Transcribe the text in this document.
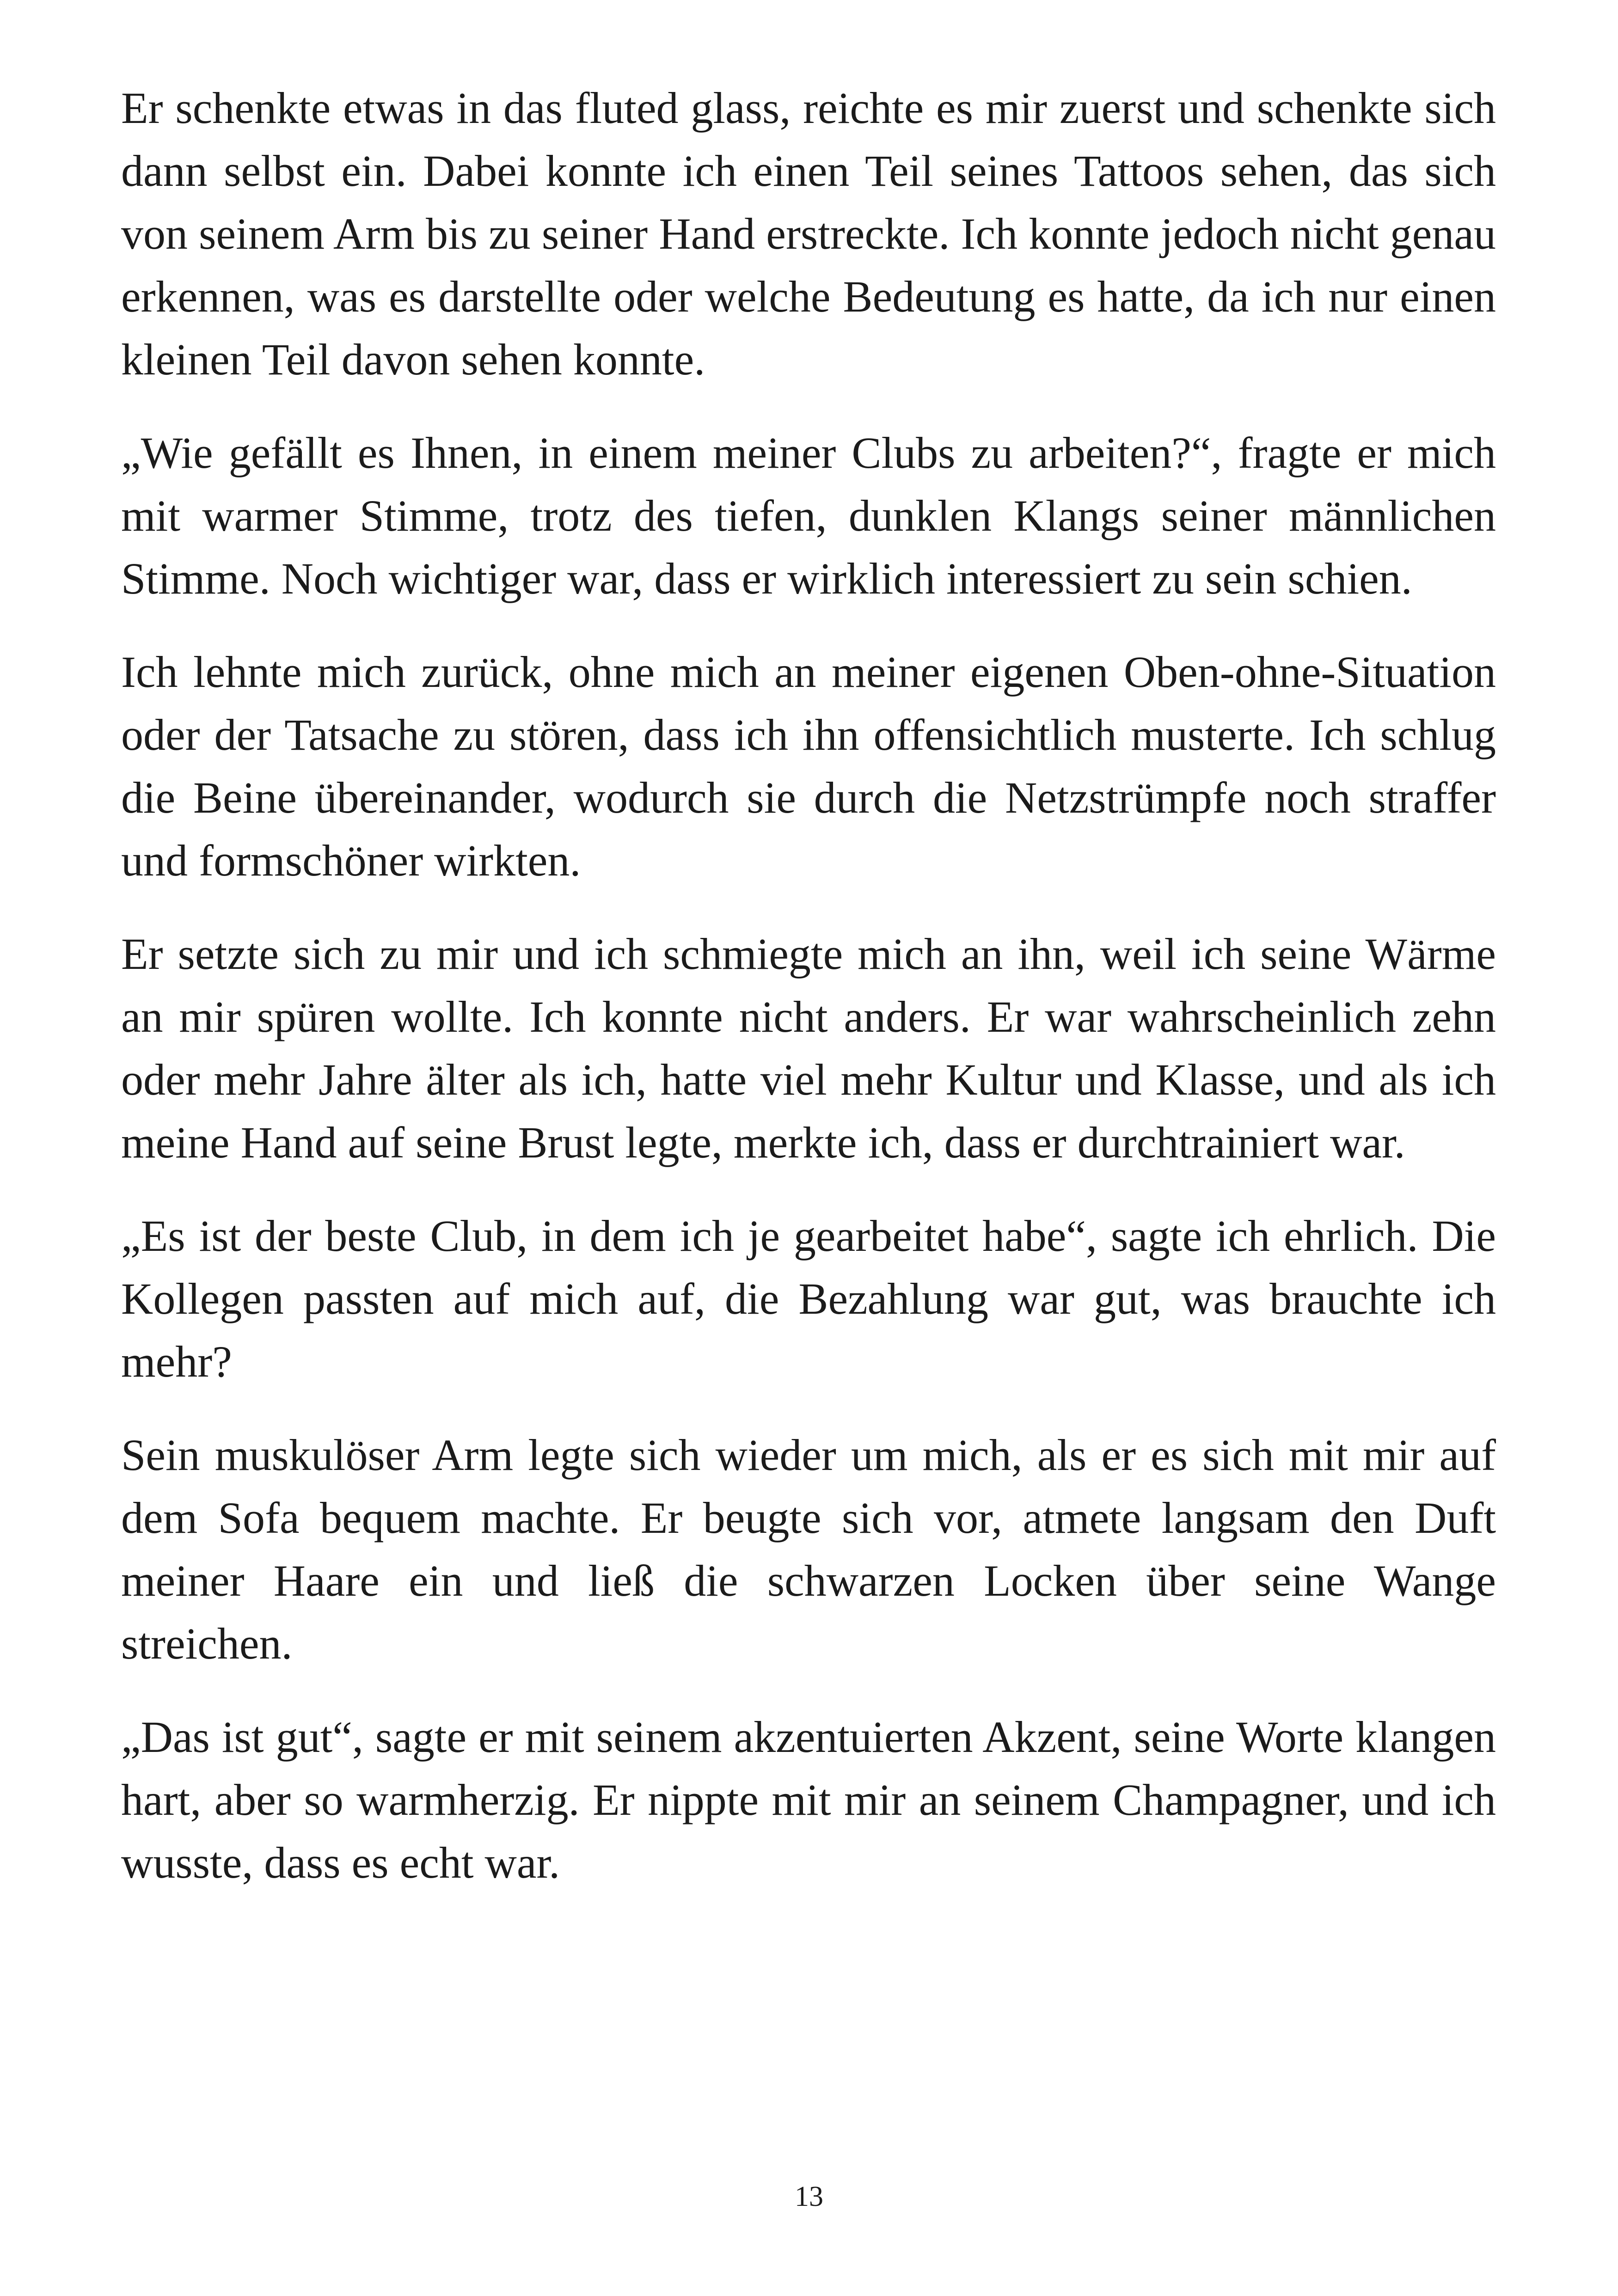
Er schenkte etwas in das fluted glass, reichte es mir zuerst und schenkte sich dann selbst ein. Dabei konnte ich einen Teil seines Tattoos sehen, das sich von seinem Arm bis zu seiner Hand erstreckte. Ich konnte jedoch nicht genau erkennen, was es darstellte oder welche Bedeutung es hatte, da ich nur einen kleinen Teil davon sehen konnte.

„Wie gefällt es Ihnen, in einem meiner Clubs zu arbeiten?“, fragte er mich mit warmer Stimme, trotz des tiefen, dunklen Klangs seiner männlichen Stimme. Noch wichtiger war, dass er wirklich interessiert zu sein schien.

Ich lehnte mich zurück, ohne mich an meiner eigenen Oben-ohne-Situation oder der Tatsache zu stören, dass ich ihn offensichtlich musterte. Ich schlug die Beine übereinander, wodurch sie durch die Netzstrümpfe noch straffer und formschöner wirkten.

Er setzte sich zu mir und ich schmiegte mich an ihn, weil ich seine Wärme an mir spüren wollte. Ich konnte nicht anders. Er war wahrscheinlich zehn oder mehr Jahre älter als ich, hatte viel mehr Kultur und Klasse, und als ich meine Hand auf seine Brust legte, merkte ich, dass er durchtrainiert war.

„Es ist der beste Club, in dem ich je gearbeitet habe“, sagte ich ehrlich. Die Kollegen passten auf mich auf, die Bezahlung war gut, was brauchte ich mehr?

Sein muskulöser Arm legte sich wieder um mich, als er es sich mit mir auf dem Sofa bequem machte. Er beugte sich vor, atmete langsam den Duft meiner Haare ein und ließ die schwarzen Locken über seine Wange streichen.

„Das ist gut“, sagte er mit seinem akzentuierten Akzent, seine Worte klangen hart, aber so warmherzig. Er nippte mit mir an seinem Champagner, und ich wusste, dass es echt war.

13
